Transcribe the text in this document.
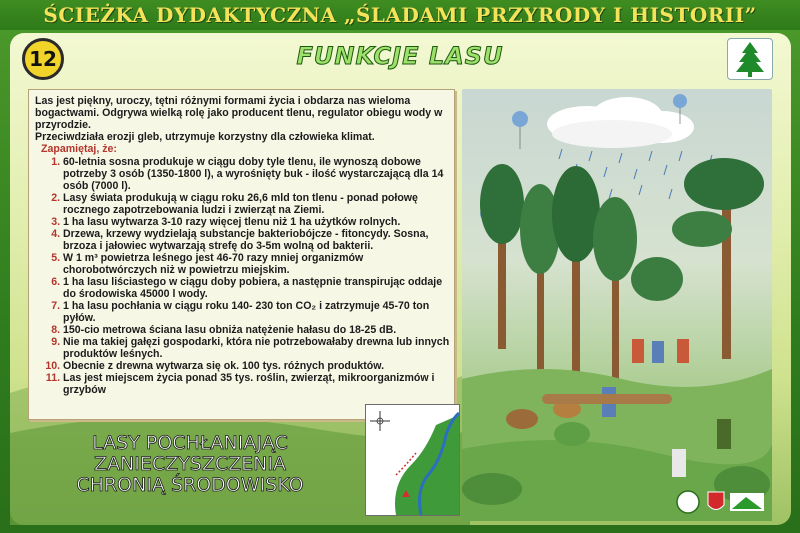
ŚCIEŻKA DYDAKTYCZNA „ŚLADAMI PRZYRODY I HISTORII”
12	FUNKCJE LASU

Las jest piękny, uroczy, tętni różnymi formami życia i obdarza nas wieloma bogactwami. Odgrywa wielką rolę jako producent tlenu, regulator obiegu wody w przyrodzie.

Przeciwdziała erozji gleb, utrzymuje korzystny dla człowieka klimat.

Zapamiętaj, że:
1. 60-letnia sosna produkuje w ciągu doby tyle tlenu, ile wynoszą dobowe potrzeby 3 osób (1350-1800 l), a wyrośnięty buk - ilość wystarczającą dla 14 osób (7000 l).
2. Lasy świata produkują w ciągu roku 26,6 mld ton tlenu - ponad połowę rocznego zapotrzebowania ludzi i zwierząt na Ziemi.
3. 1 ha lasu wytwarza 3-10 razy więcej tlenu niż 1 ha użytków rolnych.
4. Drzewa, krzewy wydzielają substancje bakteriobójcze - fitoncydy. Sosna, brzoza i jałowiec wytwarzają strefę do 3-5m wolną od bakterii.
5. W 1 m³ powietrza leśnego jest 46-70 razy mniej organizmów chorobotwórczych niż w powietrzu miejskim.
6. 1 ha lasu liściastego w ciągu doby pobiera, a następnie transpirując oddaje do środowiska 45000 l wody.
7. 1 ha lasu pochłania w ciągu roku 140- 230 ton CO₂ i zatrzymuje 45-70 ton pyłów.
8. 150-cio metrowa ściana lasu obniża natężenie hałasu do 18-25 dB.
9. Nie ma takiej gałęzi gospodarki, która nie potrzebowałaby drewna lub innych produktów leśnych.
10. Obecnie z drewna wytwarza się ok. 100 tys. różnych produktów.
11. Las jest miejscem życia ponad 35 tys. roślin, zwierząt, mikroorganizmów i grzybów
LASY POCHŁANIAJĄC
ZANIECZYSZCZENIA
CHRONIĄ ŚRODOWISKO
